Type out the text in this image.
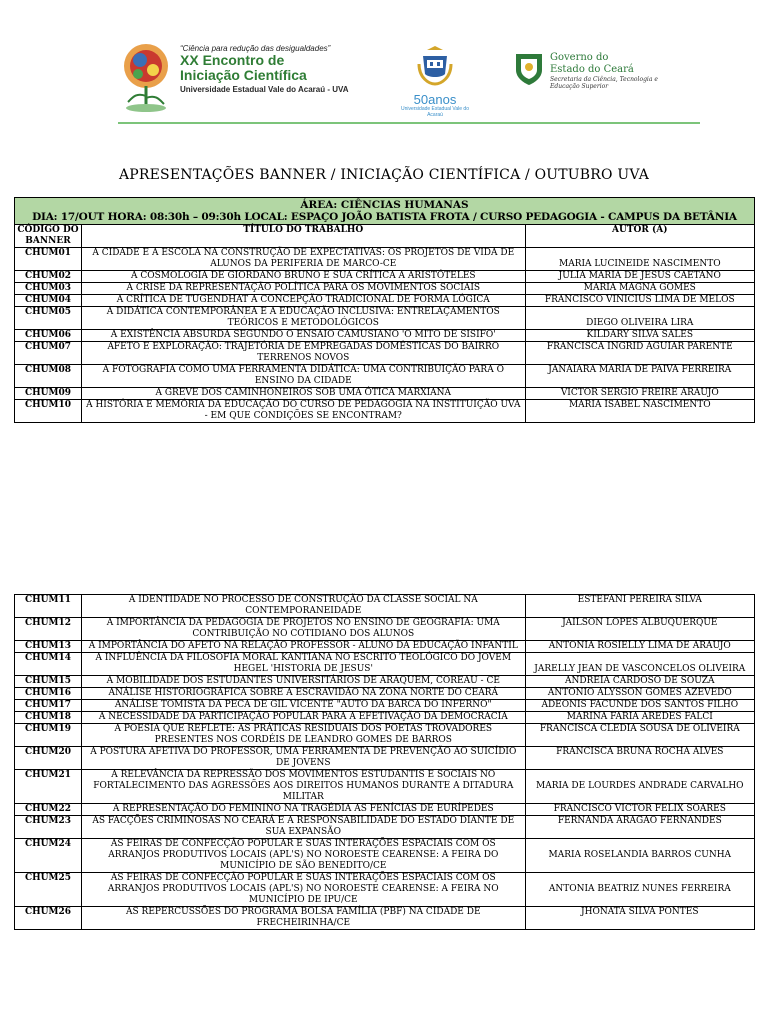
“Ciência para redução das desigualdades”
XX Encontro de
Iniciação Científica
Universidade Estadual Vale do Acaraú - UVA
50anos
Universidade Estadual Vale do Acaraú
Governo do
Estado do Ceará
Secretaria da Ciência, Tecnologia e Educação Superior
APRESENTAÇÕES BANNER / INICIAÇÃO CIENTÍFICA / OUTUBRO UVA
ÁREA: CIÊNCIAS HUMANAS
DIA: 17/OUT HORA: 08:30h – 09:30h LOCAL: ESPAÇO JOÃO BATISTA FROTA / CURSO PEDAGOGIA - CAMPUS DA BETÂNIA		

CÓDIGO DO BANNER	TÍTULO DO TRABALHO	AUTOR (A)
CHUM01	A CIDADE E A ESCOLA NA CONSTRUÇÃO DE EXPECTATIVAS: OS PROJETOS DE VIDA DE ALUNOS DA PERIFERIA DE MARCO-CE	MARIA LUCINEIDE NASCIMENTO
CHUM02	A COSMOLOGIA DE GIORDANO BRUNO E SUA CRÍTICA A ARISTÓTELES	JULIA MARIA DE JESUS CAETANO
CHUM03	A CRISE DA REPRESENTAÇÃO POLÍTICA PARA OS MOVIMENTOS SOCIAIS	MARIA MAGNA GOMES
CHUM04	A CRÍTICA DE TUGENDHAT A CONCEPÇÃO TRADICIONAL DE FORMA LÓGICA	FRANCISCO VINICIUS LIMA DE MELOS
CHUM05	A DIDÁTICA CONTEMPORÂNEA E A EDUCAÇÃO INCLUSIVA: ENTRELAÇAMENTOS TEÓRICOS E METODOLÓGICOS	DIEGO OLIVEIRA LIRA
CHUM06	A EXISTÊNCIA ABSURDA SEGUNDO O ENSAIO CAMUSIANO 'O MITO DE SISIFO'	KILDARY SILVA SALES
CHUM07	AFETO E EXPLORAÇÃO: TRAJETÓRIA DE EMPREGADAS DOMÉSTICAS DO BAIRRO TERRENOS NOVOS	FRANCISCA INGRID AGUIAR PARENTE
CHUM08	A FOTOGRAFIA COMO UMA FERRAMENTA DIDÁTICA: UMA CONTRIBUIÇÃO PARA O ENSINO DA CIDADE	JANAIARA MARIA DE PAIVA FERREIRA
CHUM09	A GREVE DOS CAMINHONEIROS SOB UMA ÓTICA MARXIANA	VICTOR SERGIO FREIRE ARAUJO
CHUM10	A HISTÓRIA E MEMÓRIA DA EDUCAÇÃO DO CURSO DE PEDAGOGIA NA INSTITUIÇÃO UVA - EM QUE CONDIÇÕES SE ENCONTRAM?	MARIA ISABEL NASCIMENTO
CHUM11	A IDENTIDADE NO PROCESSO DE CONSTRUÇÃO DA CLASSE SOCIAL NA CONTEMPORANEIDADE	ESTEFANI PEREIRA SILVA
CHUM12	A IMPORTÂNCIA DA PEDAGOGIA DE PROJETOS NO ENSINO DE GEOGRAFIA: UMA CONTRIBUIÇÃO NO COTIDIANO DOS ALUNOS	JAILSON LOPES ALBUQUERQUE
CHUM13	A IMPORTÂNCIA DO AFETO NA RELAÇÃO PROFESSOR - ALUNO DA EDUCAÇÃO INFANTIL	ANTONIA ROSIELLY LIMA DE ARAUJO
CHUM14	A INFLUÊNCIA DA FILOSOFIA MORAL KANTIANA NO ESCRITO TEOLÓGICO DO JOVEM HEGEL 'HISTORIA DE JESUS'	JARELLY JEAN DE VASCONCELOS OLIVEIRA
CHUM15	A MOBILIDADE DOS ESTUDANTES UNIVERSITÁRIOS DE ARAQUEM, COREAU - CE	ANDREIA CARDOSO DE SOUZA
CHUM16	ANÁLISE HISTORIOGRÁFICA SOBRE A ESCRAVIDÃO NA ZONA NORTE DO CEARÁ	ANTONIO ALYSSON GOMES AZEVEDO
CHUM17	ANÁLISE TOMISTA DA PECA DE GIL VICENTE "AUTO DA BARCA DO INFERNO"	ADEONIS FACUNDE DOS SANTOS FILHO
CHUM18	A NECESSIDADE DA PARTICIPAÇÃO POPULAR PARA A EFETIVAÇÃO DA DEMOCRACIA	MARINA FARIA AREDES FALCI
CHUM19	A POESIA QUE REFLETE: AS PRÁTICAS RESIDUAIS DOS POETAS TROVADORES PRESENTES NOS CORDÉIS DE LEANDRO GOMES DE BARROS	FRANCISCA CLEDIA SOUSA DE OLIVEIRA
CHUM20	A POSTURA AFETIVA DO PROFESSOR, UMA FERRAMENTA DE PREVENÇÃO AO SUICÍDIO DE JOVENS	FRANCISCA BRUNA ROCHA ALVES
CHUM21	A RELEVÂNCIA DA REPRESSÃO DOS MOVIMENTOS ESTUDANTIS E SOCIAIS NO FORTALECIMENTO DAS AGRESSÕES AOS DIREITOS HUMANOS DURANTE A DITADURA MILITAR	MARIA DE LOURDES ANDRADE CARVALHO
CHUM22	A REPRESENTAÇÃO DO FEMININO NA TRAGÉDIA AS FENÍCIAS DE EURÍPEDES	FRANCISCO VICTOR FELIX SOARES
CHUM23	AS FACÇÕES CRIMINOSAS NO CEARÁ E A RESPONSABILIDADE DO ESTADO DIANTE DE SUA EXPANSÃO	FERNANDA ARAGAO FERNANDES
CHUM24	AS FEIRAS DE CONFECÇÃO POPULAR E SUAS INTERAÇÕES ESPACIAIS COM OS ARRANJOS PRODUTIVOS LOCAIS (APL'S) NO NOROESTE CEARENSE: A FEIRA DO MUNICÍPIO DE SÃO BENEDITO/CE	MARIA ROSELANDIA BARROS CUNHA
CHUM25	AS FEIRAS DE CONFECÇÃO POPULAR E SUAS INTERAÇÕES ESPACIAIS COM OS ARRANJOS PRODUTIVOS LOCAIS (APL'S) NO NOROESTE CEARENSE: A FEIRA NO MUNICÍPIO DE IPU/CE	ANTONIA BEATRIZ NUNES FERREIRA
CHUM26	AS REPERCUSSÕES DO PROGRAMA BOLSA FAMÍLIA (PBF) NA CIDADE DE FRECHEIRINHA/CE	JHONATA SILVA PONTES
